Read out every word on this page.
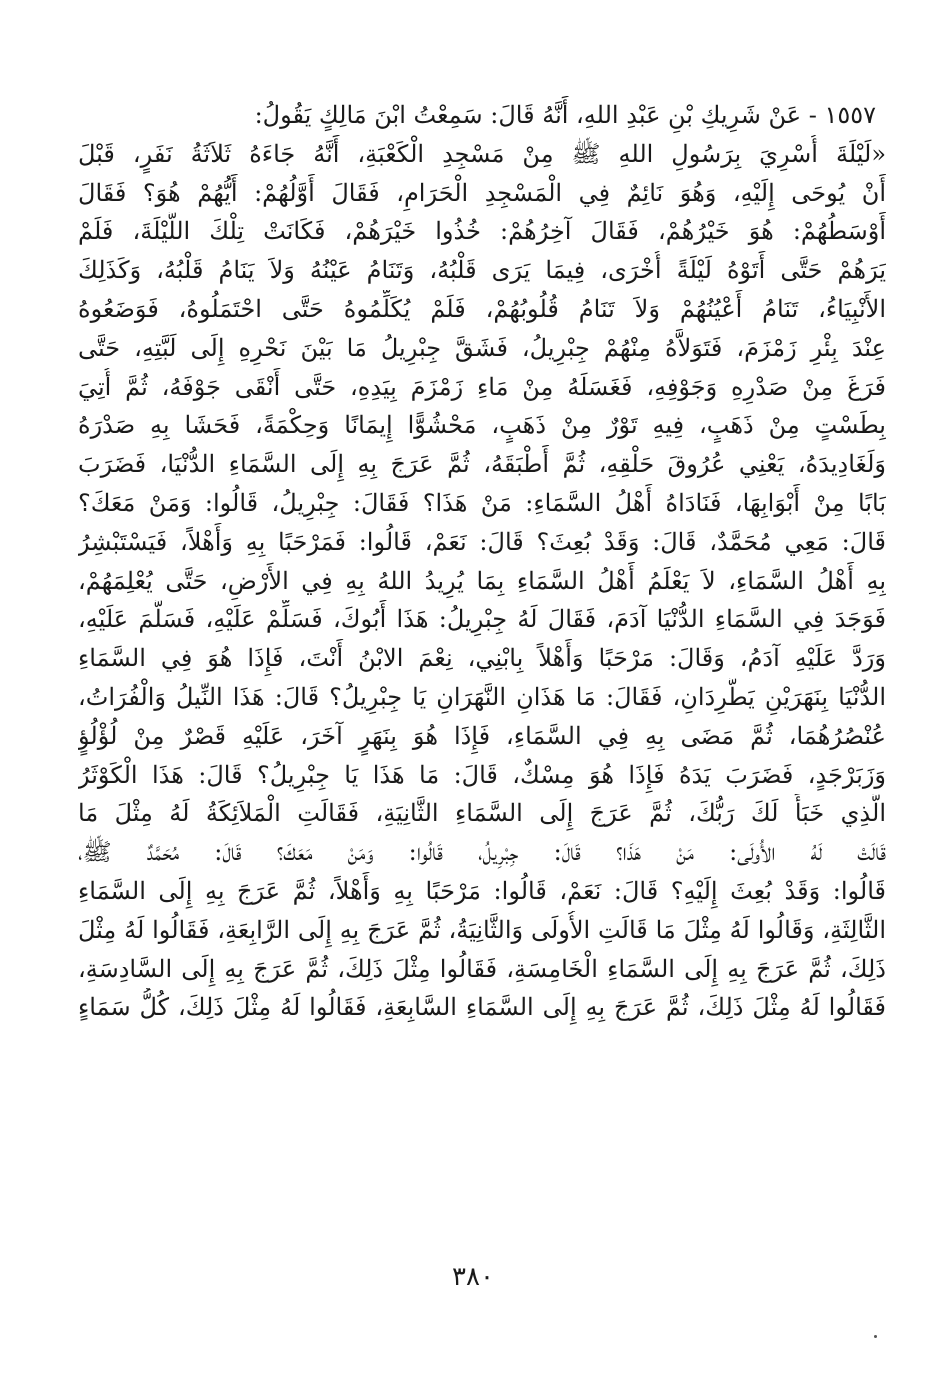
١٥٥٧ - عَنْ شَرِيكِ بْنِ عَبْدِ اللهِ، أَنَّهُ قَالَ: سَمِعْتُ ابْنَ مَالِكٍ يَقُولُ:
«لَيْلَةَ أُسْرِيَ بِرَسُولِ اللهِ ﷺ مِنْ مَسْجِدِ الْكَعْبَةِ، أَنَّهُ جَاءَهُ ثَلاَثَةُ نَفَرٍ، قَبْلَ
أَنْ يُوحَى إِلَيْهِ، وَهُوَ نَائِمٌ فِي الْمَسْجِدِ الْحَرَامِ، فَقَالَ أَوَّلُهُمْ: أَيُّهُمْ هُوَ؟ فَقَالَ
أَوْسَطُهُمْ: هُوَ خَيْرُهُمْ، فَقَالَ آخِرُهُمْ: خُذُوا خَيْرَهُمْ، فَكَانَتْ تِلْكَ اللَّيْلَةَ، فَلَمْ
يَرَهُمْ حَتَّى أَتَوْهُ لَيْلَةً أُخْرَى، فِيمَا يَرَى قَلْبُهُ، وَتَنَامُ عَيْنُهُ وَلاَ يَنَامُ قَلْبُهُ، وَكَذَلِكَ
الأَنْبِيَاءُ، تَنَامُ أَعْيُنُهُمْ وَلاَ تَنَامُ قُلُوبُهُمْ، فَلَمْ يُكَلِّمُوهُ حَتَّى احْتَمَلُوهُ، فَوَضَعُوهُ
عِنْدَ بِئْرِ زَمْزَمَ، فَتَوَلاَّهُ مِنْهُمْ جِبْرِيلُ، فَشَقَّ جِبْرِيلُ مَا بَيْنَ نَحْرِهِ إِلَى لَبَّتِهِ، حَتَّى
فَرَغَ مِنْ صَدْرِهِ وَجَوْفِهِ، فَغَسَلَهُ مِنْ مَاءِ زَمْزَمَ بِيَدِهِ، حَتَّى أَنْقَى جَوْفَهُ، ثُمَّ أُتِيَ
بِطَسْتٍ مِنْ ذَهَبٍ، فِيهِ تَوْرٌ مِنْ ذَهَبٍ، مَحْشُوًّا إِيمَانًا وَحِكْمَةً، فَحَشَا بِهِ صَدْرَهُ
وَلَغَادِيدَهُ، يَعْنِي عُرُوقَ حَلْقِهِ، ثُمَّ أَطْبَقَهُ، ثُمَّ عَرَجَ بِهِ إِلَى السَّمَاءِ الدُّنْيَا، فَضَرَبَ
بَابًا مِنْ أَبْوَابِهَا، فَنَادَاهُ أَهْلُ السَّمَاءِ: مَنْ هَذَا؟ فَقَالَ: جِبْرِيلُ، قَالُوا: وَمَنْ مَعَكَ؟
قَالَ: مَعِي مُحَمَّدٌ، قَالَ: وَقَدْ بُعِثَ؟ قَالَ: نَعَمْ، قَالُوا: فَمَرْحَبًا بِهِ وَأَهْلاً، فَيَسْتَبْشِرُ
بِهِ أَهْلُ السَّمَاءِ، لاَ يَعْلَمُ أَهْلُ السَّمَاءِ بِمَا يُرِيدُ اللهُ بِهِ فِي الأَرْضِ، حَتَّى يُعْلِمَهُمْ،
فَوَجَدَ فِي السَّمَاءِ الدُّنْيَا آدَمَ، فَقَالَ لَهُ جِبْرِيلُ: هَذَا أَبُوكَ، فَسَلِّمْ عَلَيْهِ، فَسَلَّمَ عَلَيْهِ،
وَرَدَّ عَلَيْهِ آدَمُ، وَقَالَ: مَرْحَبًا وَأَهْلاً بِابْنِي، نِعْمَ الابْنُ أَنْتَ، فَإِذَا هُوَ فِي السَّمَاءِ
الدُّنْيَا بِنَهَرَيْنِ يَطَّرِدَانِ، فَقَالَ: مَا هَذَانِ النَّهَرَانِ يَا جِبْرِيلُ؟ قَالَ: هَذَا النِّيلُ وَالْفُرَاتُ،
عُنْصُرُهُمَا، ثُمَّ مَضَى بِهِ فِي السَّمَاءِ، فَإِذَا هُوَ بِنَهَرٍ آخَرَ، عَلَيْهِ قَصْرٌ مِنْ لُؤْلُؤٍ
وَزَبَرْجَدٍ، فَضَرَبَ يَدَهُ فَإِذَا هُوَ مِسْكٌ، قَالَ: مَا هَذَا يَا جِبْرِيلُ؟ قَالَ: هَذَا الْكَوْثَرُ
الَّذِي خَبَأَ لَكَ رَبُّكَ، ثُمَّ عَرَجَ إِلَى السَّمَاءِ الثَّانِيَةِ، فَقَالَتِ الْمَلاَئِكَةُ لَهُ مِثْلَ مَا
قَالَتْ لَهُ الأُولَى: مَنْ هَذَا؟ قَالَ: جِبْرِيلُ، قَالُوا: وَمَنْ مَعَكَ؟ قَالَ: مُحَمَّدٌ ﷺ،
قَالُوا: وَقَدْ بُعِثَ إِلَيْهِ؟ قَالَ: نَعَمْ، قَالُوا: مَرْحَبًا بِهِ وَأَهْلاً، ثُمَّ عَرَجَ بِهِ إِلَى السَّمَاءِ
الثَّالِثَةِ، وَقَالُوا لَهُ مِثْلَ مَا قَالَتِ الأُولَى وَالثَّانِيَةُ، ثُمَّ عَرَجَ بِهِ إِلَى الرَّابِعَةِ، فَقَالُوا لَهُ مِثْلَ
ذَلِكَ، ثُمَّ عَرَجَ بِهِ إِلَى السَّمَاءِ الْخَامِسَةِ، فَقَالُوا مِثْلَ ذَلِكَ، ثُمَّ عَرَجَ بِهِ إِلَى السَّادِسَةِ،
فَقَالُوا لَهُ مِثْلَ ذَلِكَ، ثُمَّ عَرَجَ بِهِ إِلَى السَّمَاءِ السَّابِعَةِ، فَقَالُوا لَهُ مِثْلَ ذَلِكَ، كُلُّ سَمَاءٍ
٣٨٠
